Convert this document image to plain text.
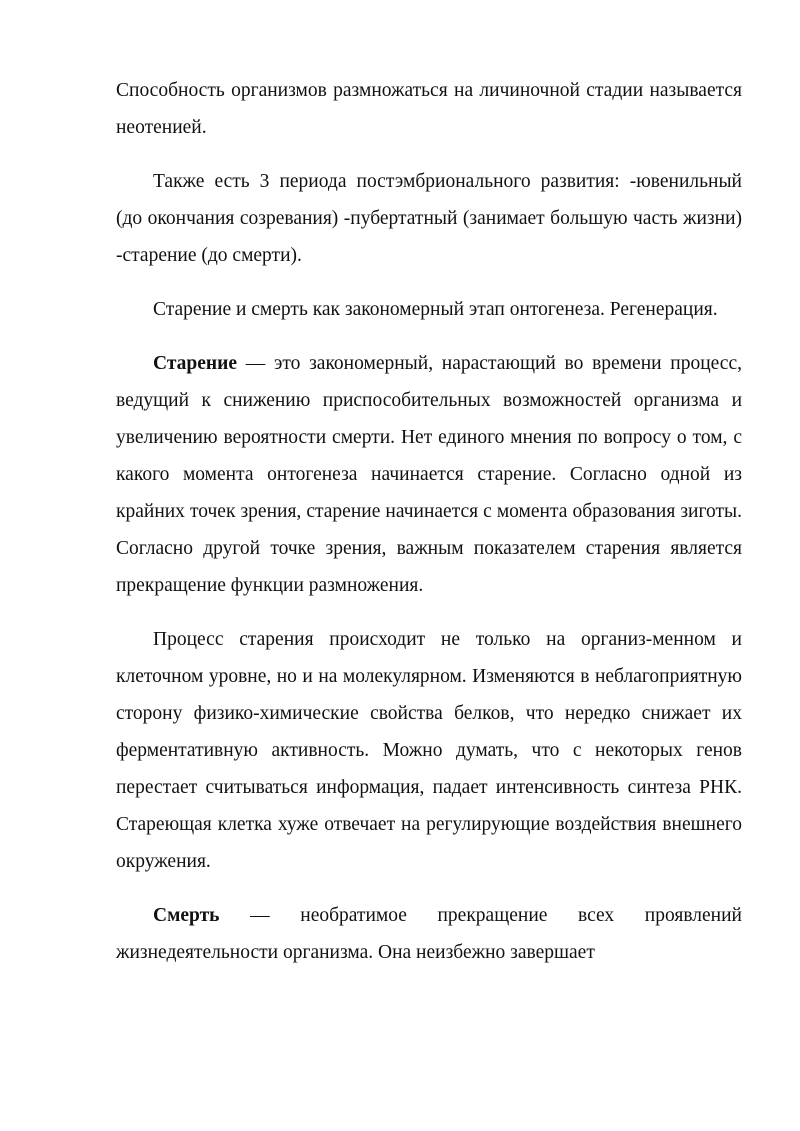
Способность организмов размножаться на личиночной стадии называется неотенией.

Также есть 3 периода постэмбрионального развития: -ювенильный (до окончания созревания) -пубертатный (занимает большую часть жизни) -старение (до смерти).

Старение и смерть как закономерный этап онтогенеза. Регенерация.

Старение — это закономерный, нарастающий во времени процесс, ведущий к снижению приспособительных возможностей организма и увеличению вероятности смерти. Нет единого мнения по вопросу о том, с какого момента онтогенеза начинается старение. Согласно одной из крайних точек зрения, старение начинается с момента образования зиготы. Согласно другой точке зрения, важным показателем старения является прекращение функции размножения.

Процесс старения происходит не только на организ-менном и клеточном уровне, но и на молекулярном. Изменяются в неблагоприятную сторону физико-химические свойства белков, что нередко снижает их ферментативную активность. Можно думать, что с некоторых генов перестает считываться информация, падает интенсивность синтеза РНК. Стареющая клетка хуже отвечает на регулирующие воздействия внешнего окружения.

Смерть — необратимое прекращение всех проявлений жизнедеятельности организма. Она неизбежно завершает
